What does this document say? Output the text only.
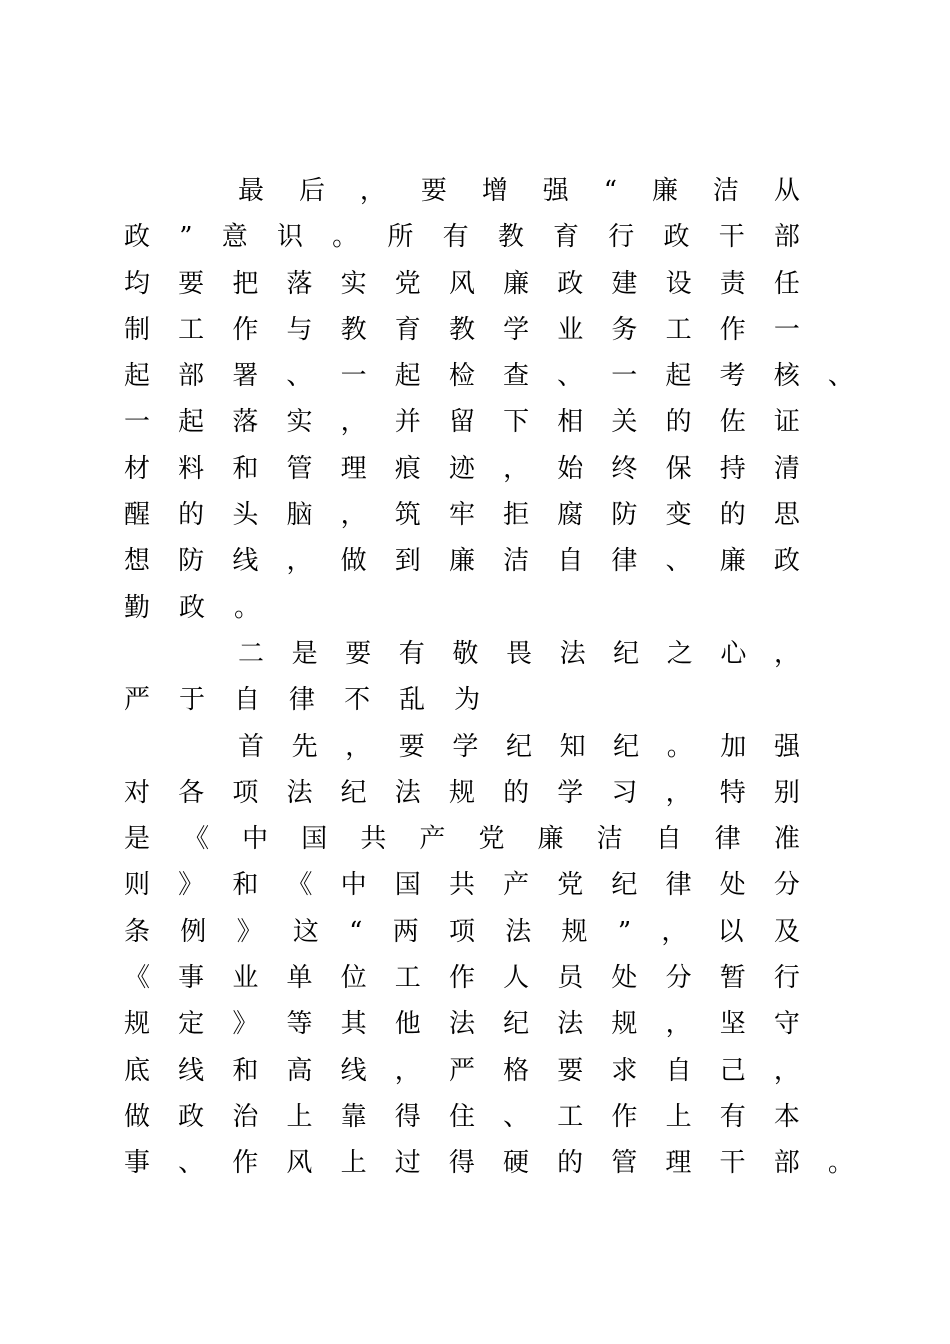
最 后 ， 要 增 强 “ 廉 洁 从
政 ” 意 识 。 所 有 教 育 行 政 干 部
均 要 把 落 实 党 风 廉 政 建 设 责 任
制 工 作 与 教 育 教 学 业 务 工 作 一
起 部 署 、 一 起 检 查 、 一 起 考 核 、
一 起 落 实 ， 并 留 下 相 关 的 佐 证
材 料 和 管 理 痕 迹 ， 始 终 保 持 清
醒 的 头 脑 ， 筑 牢 拒 腐 防 变 的 思
想 防 线 ， 做 到 廉 洁 自 律 、 廉 政
勤 政 。
二 是 要 有 敬 畏 法 纪 之 心 ，
严 于 自 律 不 乱 为
首 先 ， 要 学 纪 知 纪 。 加 强
对 各 项 法 纪 法 规 的 学 习 ， 特 别
是 《 中 国 共 产 党 廉 洁 自 律 准
则 》 和 《 中 国 共 产 党 纪 律 处 分
条 例 》 这 “ 两 项 法 规 ” ， 以 及
《 事 业 单 位 工 作 人 员 处 分 暂 行
规 定 》 等 其 他 法 纪 法 规 ， 坚 守
底 线 和 高 线 ， 严 格 要 求 自 己 ，
做 政 治 上 靠 得 住 、 工 作 上 有 本
事 、 作 风 上 过 得 硬 的 管 理 干 部 。
